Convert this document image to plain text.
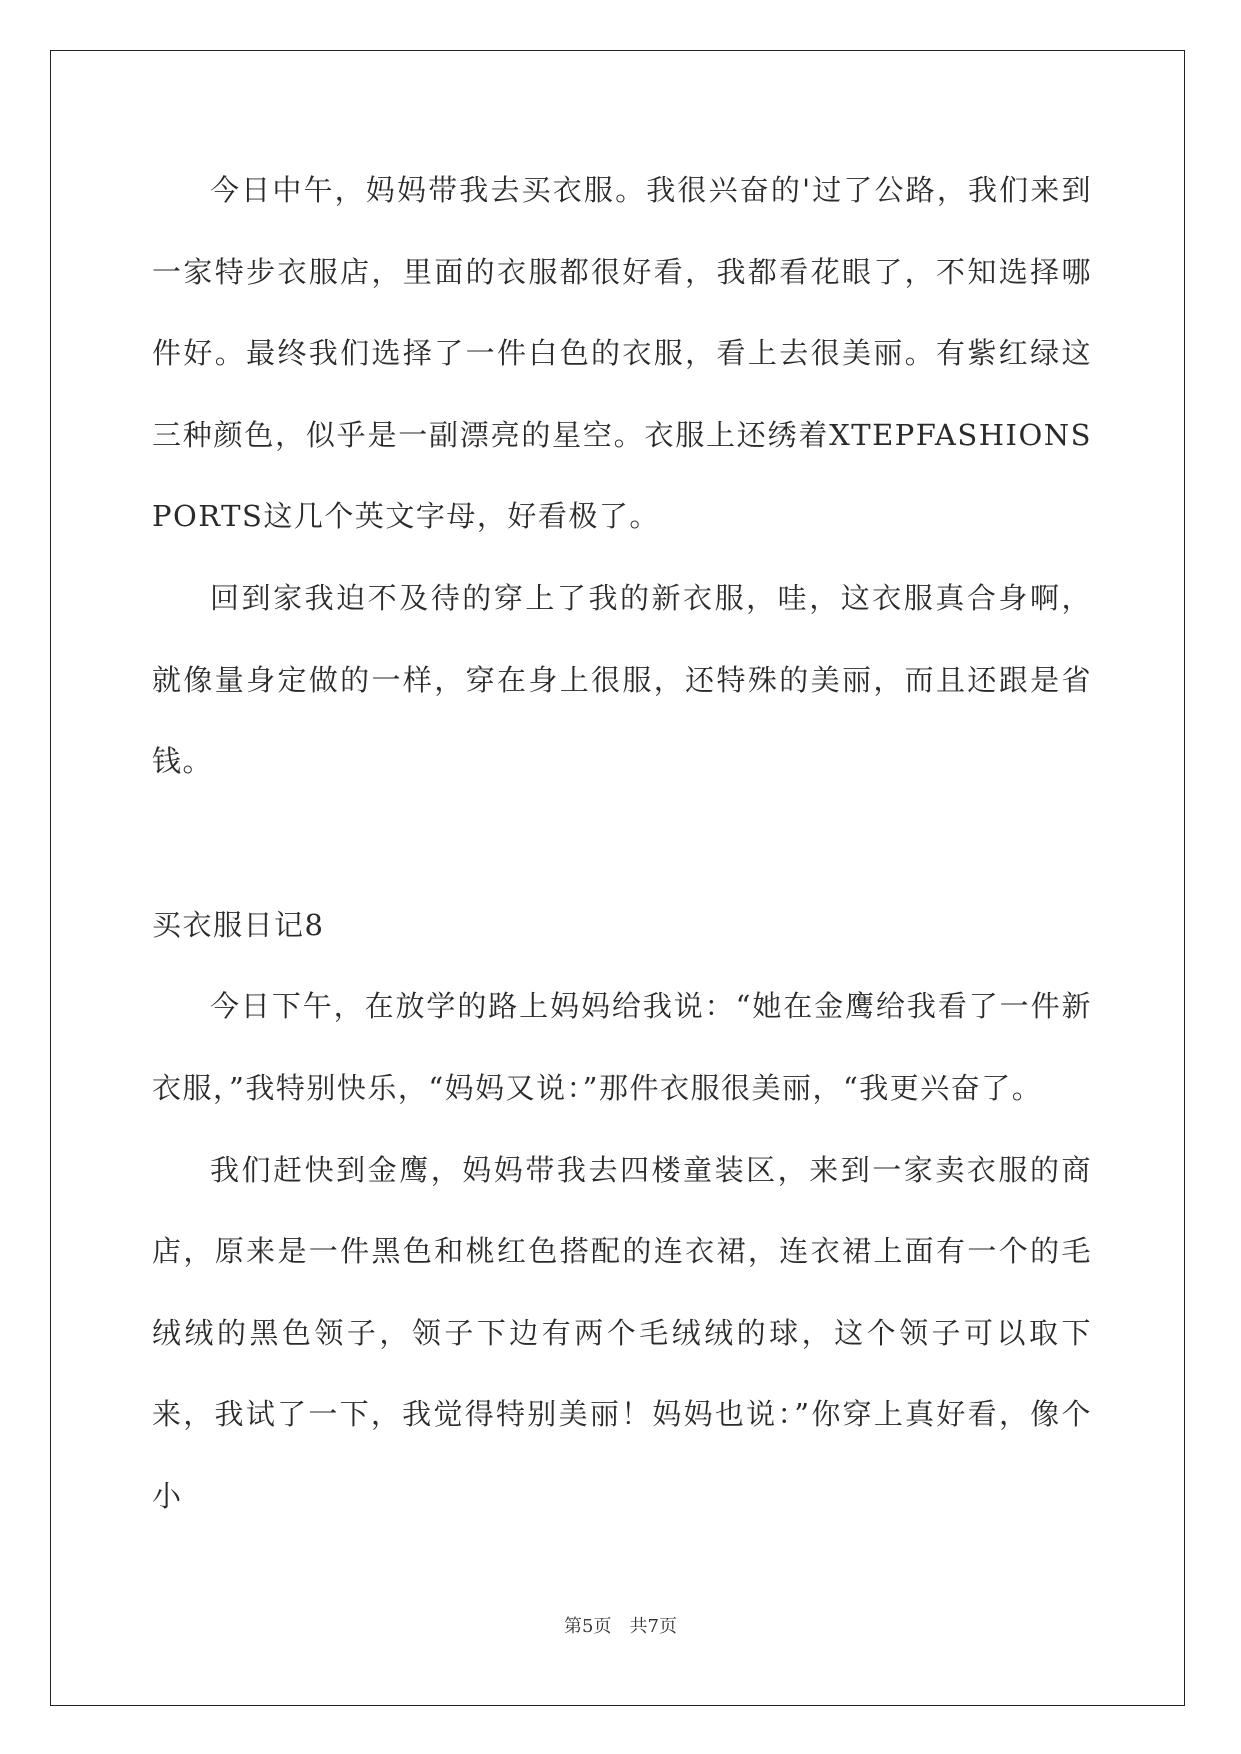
今日中午，妈妈带我去买衣服。我很兴奋的'过了公路，我们来到一家特步衣服店，里面的衣服都很好看，我都看花眼了，不知选择哪件好。最终我们选择了一件白色的衣服，看上去很美丽。有紫红绿这三种颜色，似乎是一副漂亮的星空。衣服上还绣着XTEPFASHIONSPORTS这几个英文字母，好看极了。

回到家我迫不及待的穿上了我的新衣服，哇，这衣服真合身啊，就像量身定做的一样，穿在身上很服，还特殊的美丽，而且还跟是省钱。

买衣服日记8

今日下午，在放学的路上妈妈给我说：“她在金鹰给我看了一件新衣服，”我特别快乐，“妈妈又说：”那件衣服很美丽，“我更兴奋了。

我们赶快到金鹰，妈妈带我去四楼童装区，来到一家卖衣服的商店，原来是一件黑色和桃红色搭配的连衣裙，连衣裙上面有一个的毛绒绒的黑色领子，领子下边有两个毛绒绒的球，这个领子可以取下来，我试了一下，我觉得特别美丽！妈妈也说：”你穿上真好看，像个小

第5页 共7页
